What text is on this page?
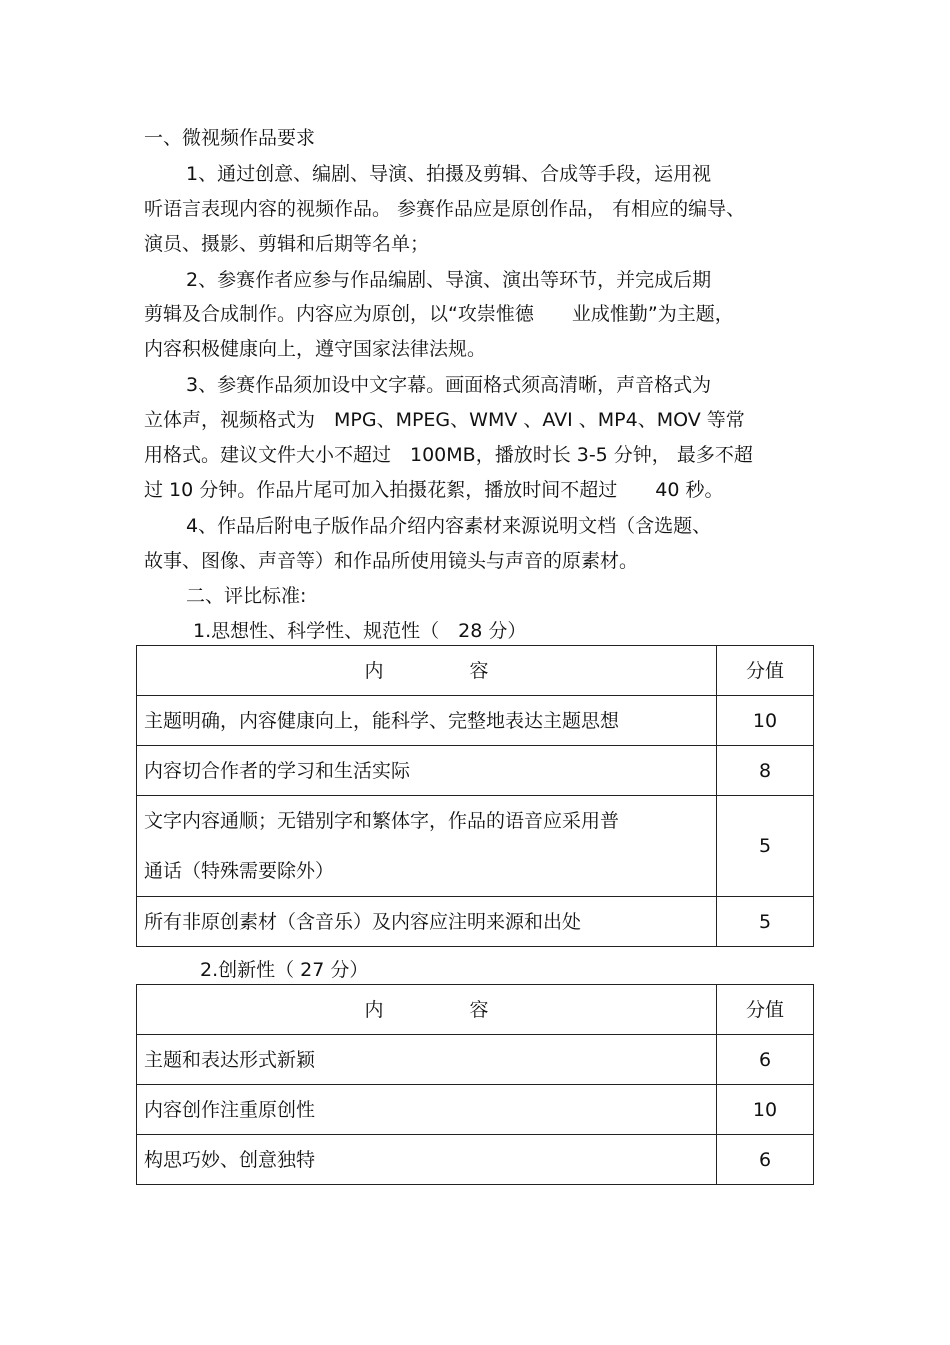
一、微视频作品要求
1、通过创意、编剧、导演、拍摄及剪辑、合成等手段，运用视
听语言表现内容的视频作品。 参赛作品应是原创作品， 有相应的编导、
演员、摄影、剪辑和后期等名单；
2、参赛作者应参与作品编剧、导演、演出等环节，并完成后期
剪辑及合成制作。内容应为原创，以“攻崇惟德　　业成惟勤”为主题，
内容积极健康向上，遵守国家法律法规。
3、参赛作品须加设中文字幕。画面格式须高清晰，声音格式为
立体声，视频格式为　MPG、MPEG、WMV 、AVI 、MP4、MOV 等常
用格式。建议文件大小不超过　100MB，播放时长 3-5 分钟， 最多不超
过 10 分钟。作品片尾可加入拍摄花絮，播放时间不超过　　40 秒。
4、作品后附电子版作品介绍内容素材来源说明文档（含选题、
故事、图像、声音等）和作品所使用镜头与声音的原素材。
二、评比标准:
1.思想性、科学性、规范性（　28 分）
内 容	分值
主题明确，内容健康向上，能科学、完整地表达主题思想	10
内容切合作者的学习和生活实际	8

文字内容通顺；无错别字和繁体字，作品的语音应采用普
通话（特殊需要除外）	5
所有非原创素材（含音乐）及内容应注明来源和出处	5
2.创新性（ 27 分）
内 容	分值
主题和表达形式新颖	6
内容创作注重原创性	10
构思巧妙、创意独特	6
